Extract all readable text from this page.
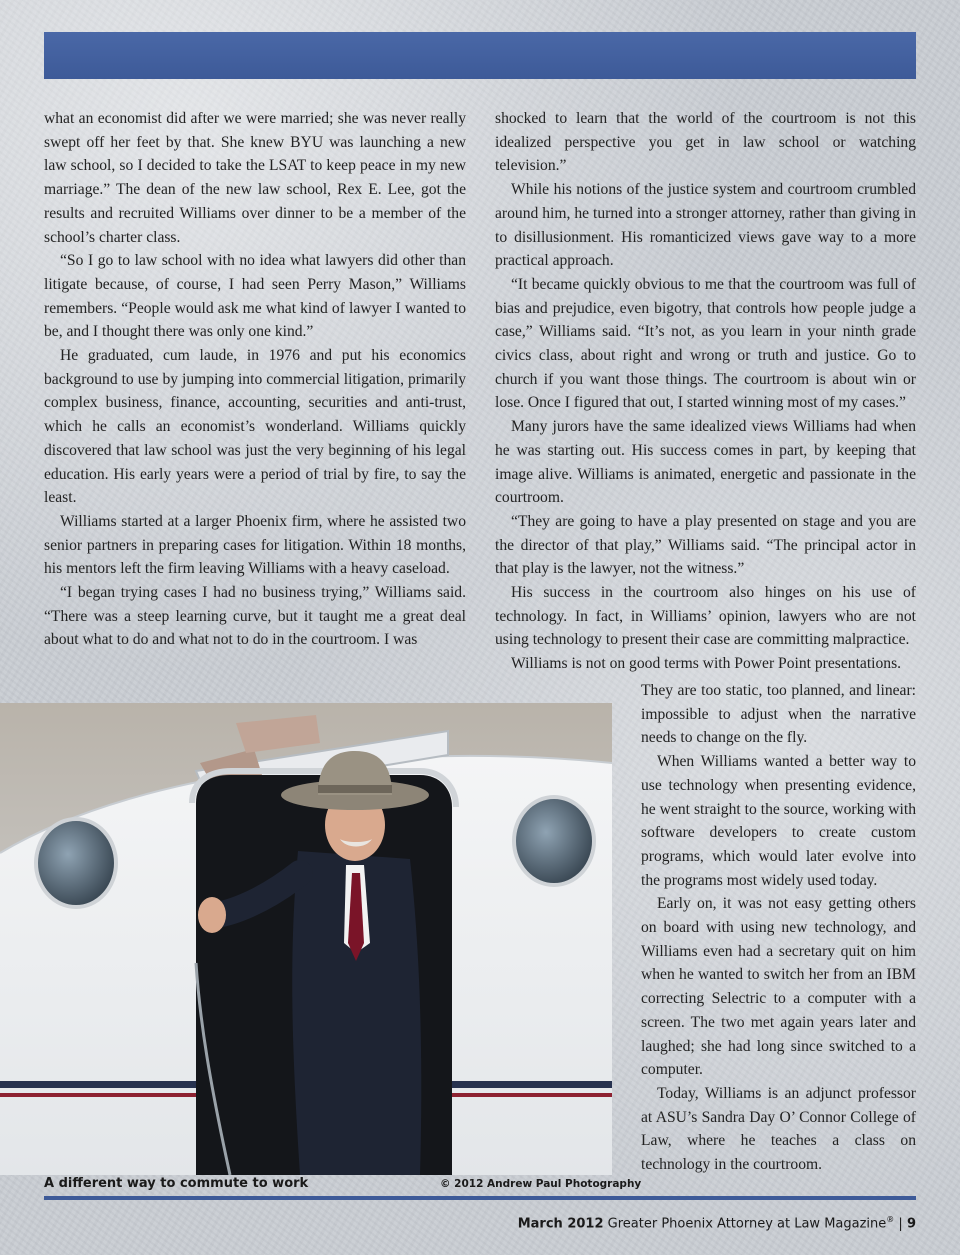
what an economist did after we were married; she was never really swept off her feet by that. She knew BYU was launching a new law school, so I decided to take the LSAT to keep peace in my new marriage.” The dean of the new law school, Rex E. Lee, got the results and recruited Williams over dinner to be a member of the school’s charter class.

“So I go to law school with no idea what lawyers did other than litigate because, of course, I had seen Perry Mason,” Williams remembers. “People would ask me what kind of lawyer I wanted to be, and I thought there was only one kind.”

He graduated, cum laude, in 1976 and put his economics background to use by jumping into commercial litigation, primarily complex business, finance, accounting, securities and anti-trust, which he calls an economist’s wonderland. Williams quickly discovered that law school was just the very beginning of his legal education. His early years were a period of trial by fire, to say the least.

Williams started at a larger Phoenix firm, where he assisted two senior partners in preparing cases for litigation. Within 18 months, his mentors left the firm leaving Williams with a heavy caseload.

“I began trying cases I had no business trying,” Williams said. “There was a steep learning curve, but it taught me a great deal about what to do and what not to do in the courtroom. I was

shocked to learn that the world of the courtroom is not this idealized perspective you get in law school or watching television.”

While his notions of the justice system and courtroom crumbled around him, he turned into a stronger attorney, rather than giving in to disillusionment. His romanticized views gave way to a more practical approach.

“It became quickly obvious to me that the courtroom was full of bias and prejudice, even bigotry, that controls how people judge a case,” Williams said. “It’s not, as you learn in your ninth grade civics class, about right and wrong or truth and justice. Go to church if you want those things. The courtroom is about win or lose. Once I figured that out, I started winning most of my cases.”

Many jurors have the same idealized views Williams had when he was starting out. His success comes in part, by keeping that image alive. Williams is animated, energetic and passionate in the courtroom.

“They are going to have a play presented on stage and you are the director of that play,” Williams said. “The principal actor in that play is the lawyer, not the witness.”

His success in the courtroom also hinges on his use of technology. In fact, in Williams’ opinion, lawyers who are not using technology to present their case are committing malpractice.

Williams is not on good terms with Power Point presentations.

They are too static, too planned, and linear: impossible to adjust when the narrative needs to change on the fly.

When Williams wanted a better way to use technology when presenting evidence, he went straight to the source, working with software developers to create custom programs, which would later evolve into the programs most widely used today.

Early on, it was not easy getting others on board with using new technology, and Williams even had a secretary quit on him when he wanted to switch her from an IBM correcting Selectric to a computer with a screen. The two met again years later and laughed; she had long since switched to a computer.

Today, Williams is an adjunct professor at ASU’s Sandra Day O’ Connor College of Law, where he teaches a class on technology in the courtroom.

A different way to commute to work	© 2012 Andrew Paul Photography
March 2012 Greater Phoenix Attorney at Law Magazine® | 9
